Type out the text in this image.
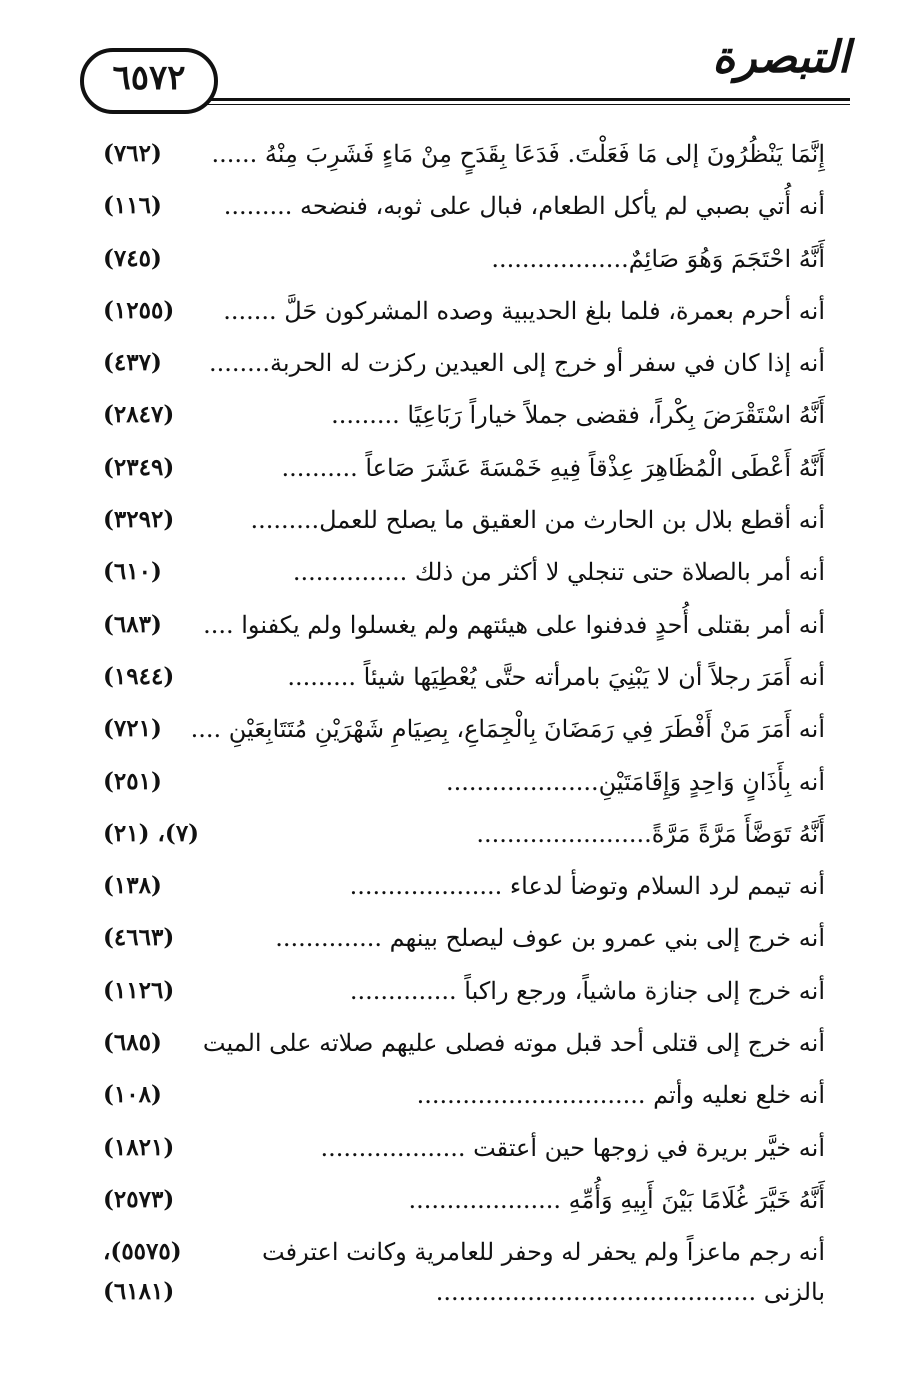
٦٥٧٢	التبصرة
إِنَّمَا يَنْظُرُونَ إلى مَا فَعَلْتَ. فَدَعَا بِقَدَحٍ مِنْ مَاءٍ فَشَرِبَ مِنْهُ ......
(٧٦٢)
أنه أُتي بصبي لم يأكل الطعام، فبال على ثوبه، فنضحه .........
(١١٦)
أَنَّهُ احْتَجَمَ وَهُوَ صَائِمٌ..................
(٧٤٥)
أنه أحرم بعمرة، فلما بلغ الحديبية وصده المشركون حَلَّ .......
(١٢٥٥)
أنه إذا كان في سفر أو خرج إلى العيدين ركزت له الحربة........
(٤٣٧)
أَنَّهُ اسْتَقْرَضَ بِكْراً، فقضى جملاً خياراً رَبَاعِيًا .........
(٢٨٤٧)
أَنَّهُ أَعْطَى الْمُظَاهِرَ عِذْقاً فِيهِ خَمْسَةَ عَشَرَ صَاعاً ..........
(٢٣٤٩)
أنه أقطع بلال بن الحارث من العقيق ما يصلح للعمل.........
(٣٢٩٢)
أنه أمر بالصلاة حتى تنجلي لا أكثر من ذلك ...............
(٦١٠)
أنه أمر بقتلى أُحدٍ فدفنوا على هيئتهم ولم يغسلوا ولم يكفنوا ....
(٦٨٣)
أنه أَمَرَ رجلاً أن لا يَبْنِيَ بامرأته حتَّى يُعْطِيَها شيئاً .........
(١٩٤٤)
أنه أَمَرَ مَنْ أَفْطَرَ فِي رَمَضَانَ بِالْجِمَاعِ، بِصِيَامِ شَهْرَيْنِ مُتَتَابِعَيْنِ ....
(٧٢١)
أنه بِأَذَانٍ وَاحِدٍ وَإِقَامَتَيْنِ....................
(٢٥١)
أَنَّهُ تَوَضَّأَ مَرَّةً مَرَّةً.......................
(٧)، (٢١)
أنه تيمم لرد السلام وتوضأ لدعاء ....................
(١٣٨)
أنه خرج إلى بني عمرو بن عوف ليصلح بينهم ..............
(٤٦٦٣)
أنه خرج إلى جنازة ماشياً، ورجع راكباً ..............
(١١٢٦)
أنه خرج إلى قتلى أحد قبل موته فصلى عليهم صلاته على الميت
(٦٨٥)
أنه خلع نعليه وأتم ..............................
(١٠٨)
أنه خيَّر بريرة في زوجها حين أعتقت ...................
(١٨٢١)
أَنَّهُ خَيَّرَ غُلَامًا بَيْنَ أَبِيهِ وَأُمِّهِ ....................
(٢٥٧٣)
أنه رجم ماعزاً ولم يحفر له وحفر للعامرية وكانت اعترفت
(٥٥٧٥)،
بالزنى ..........................................
(٦١٨١)
